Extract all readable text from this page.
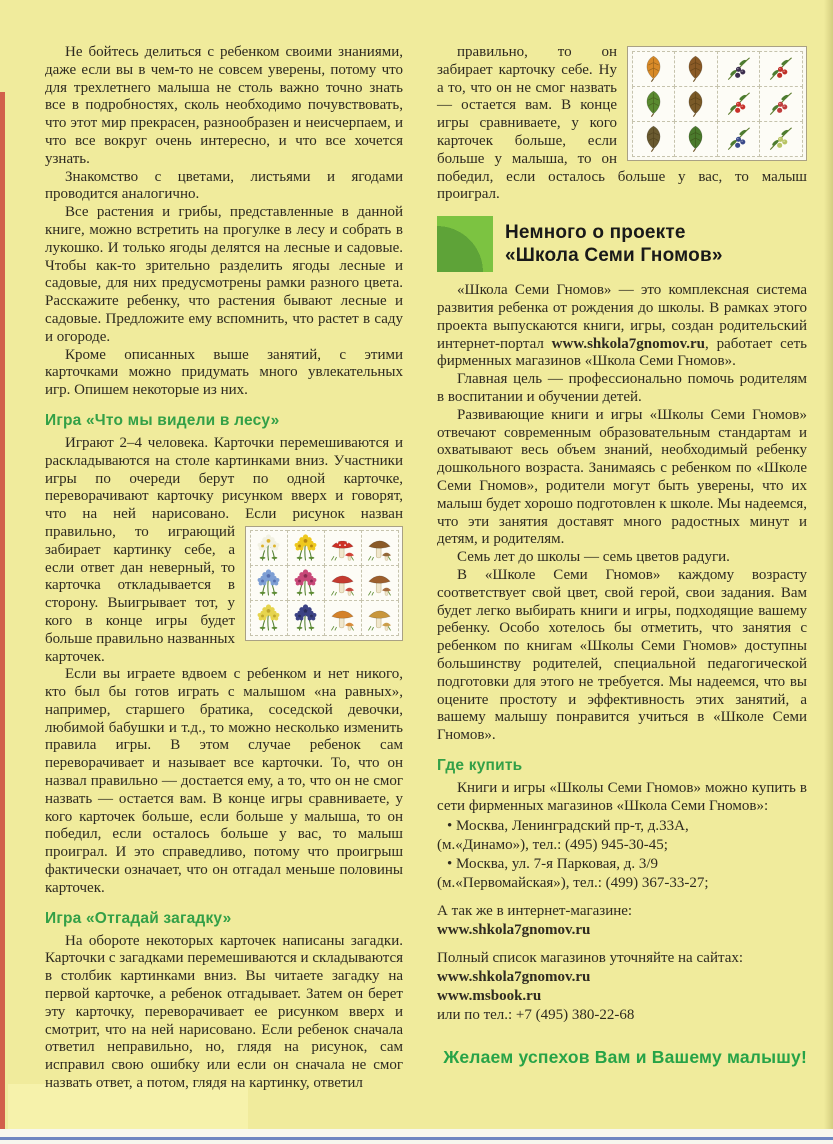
Не бойтесь делиться с ребенком своими знаниями, даже если вы в чем-то не совсем уверены, потому что для трехлетнего малыша не столь важно точно знать все в подробностях, сколь необходимо почувствовать, что этот мир прекрасен, разнообразен и неисчерпаем, и что все вокруг очень интересно, и что все хочется узнать.

Знакомство с цветами, листьями и ягодами проводится аналогично.

Все растения и грибы, представленные в данной книге, можно встретить на прогулке в лесу и собрать в лукошко. И только ягоды делятся на лесные и садовые. Чтобы как-то зрительно разделить ягоды лесные и садовые, для них предусмотрены рамки разного цвета. Расскажите ребенку, что растения бывают лесные и садовые. Предложите ему вспомнить, что растет в саду и огороде.

Кроме описанных выше занятий, с этими карточками можно придумать много увлекательных игр. Опишем некоторые из них.

Игра «Что мы видели в лесу»

Играют 2–4 человека. Карточки перемешиваются и раскладываются на столе картинками вниз. Участники игры по очереди берут по одной карточке, переворачивают карточку рисунком вверх и говорят, что на ней нарисовано. Если рисунок назван правильно,
то играющий забирает картинку себе, а если ответ дан неверный, то карточка откладывается в сторону. Выигрывает тот, у кого в конце игры будет больше правильно названных карточек.

Если вы играете вдвоем с ребенком и нет никого, кто был бы готов играть с малышом «на равных», например, старшего братика, соседской девочки, любимой бабушки и т.д., то можно несколько изменить правила игры. В этом случае ребенок сам переворачивает и называет все карточки. То, что он назвал правильно — достается ему, а то, что он не смог назвать — остается вам. В конце игры сравниваете, у кого карточек больше, если больше у малыша, то он победил, если осталось больше у вас, то малыш проиграл. И это справедливо, потому что проигрыш фактически означает, что он отгадал меньше половины карточек.

Игра «Отгадай загадку»

На обороте некоторых карточек написаны загадки. Карточки с загадками перемешиваются и складываются в столбик картинками вниз. Вы читаете загадку на первой карточке, а ребенок отгадывает. Затем он берет эту карточку, переворачивает ее рисунком вверх и смотрит, что на ней нарисовано. Если ребенок сначала ответил неправильно, но, глядя на рисунок, сам исправил свою ошибку или если он сначала не смог назвать ответ, а потом, глядя на картинку, ответил

правильно, то он забирает карточку себе. Ну а то, что он не смог назвать — остается вам. В конце игры сравниваете, у кого карточек больше, если больше у малыша, то он победил, если осталось больше у вас, то малыш проиграл.

Немного о проекте
«Школа Семи Гномов»

«Школа Семи Гномов» — это комплексная система развития ребенка от рождения до школы. В рамках этого проекта выпускаются книги, игры, создан родительский интернет-портал www.shkola7gnomov.ru, работает сеть фирменных магазинов «Школа Семи Гномов».

Главная цель — профессионально помочь родителям в воспитании и обучении детей.

Развивающие книги и игры «Школы Семи Гномов» отвечают современным образовательным стандартам и охватывают весь объем знаний, необходимый ребенку дошкольного возраста. Занимаясь с ребенком по «Школе Семи Гномов», родители могут быть уверены, что их малыш будет хорошо подготовлен к школе. Мы надеемся, что эти занятия доставят много радостных минут и детям, и родителям.

Семь лет до школы — семь цветов радуги.

В «Школе Семи Гномов» каждому возрасту соответствует свой цвет, свой герой, свои задания. Вам будет легко выбирать книги и игры, подходящие вашему ребенку. Особо хотелось бы отметить, что занятия с ребенком по книгам «Школы Семи Гномов» доступны большинству родителей, специальной педагогической подготовки для этого не требуется. Мы надеемся, что вы оцените простоту и эффективность этих занятий, а вашему малышу понравится учиться в «Школе Семи Гномов».

Где купить

Книги и игры «Школы Семи Гномов» можно купить в сети фирменных магазинов «Школа Семи Гномов»:

• Москва, Ленинградский пр-т, д.33А,
(м.«Динамо»), тел.: (495) 945-30-45;
• Москва, ул. 7-я Парковая, д. 3/9
(м.«Первомайская»), тел.: (499) 367-33-27;
А так же в интернет-магазине:
www.shkola7gnomov.ru
Полный список магазинов уточняйте на сайтах:
www.shkola7gnomov.ru
www.msbook.ru
или по тел.: +7 (495) 380-22-68
Желаем успехов Вам и Вашему малышу!
